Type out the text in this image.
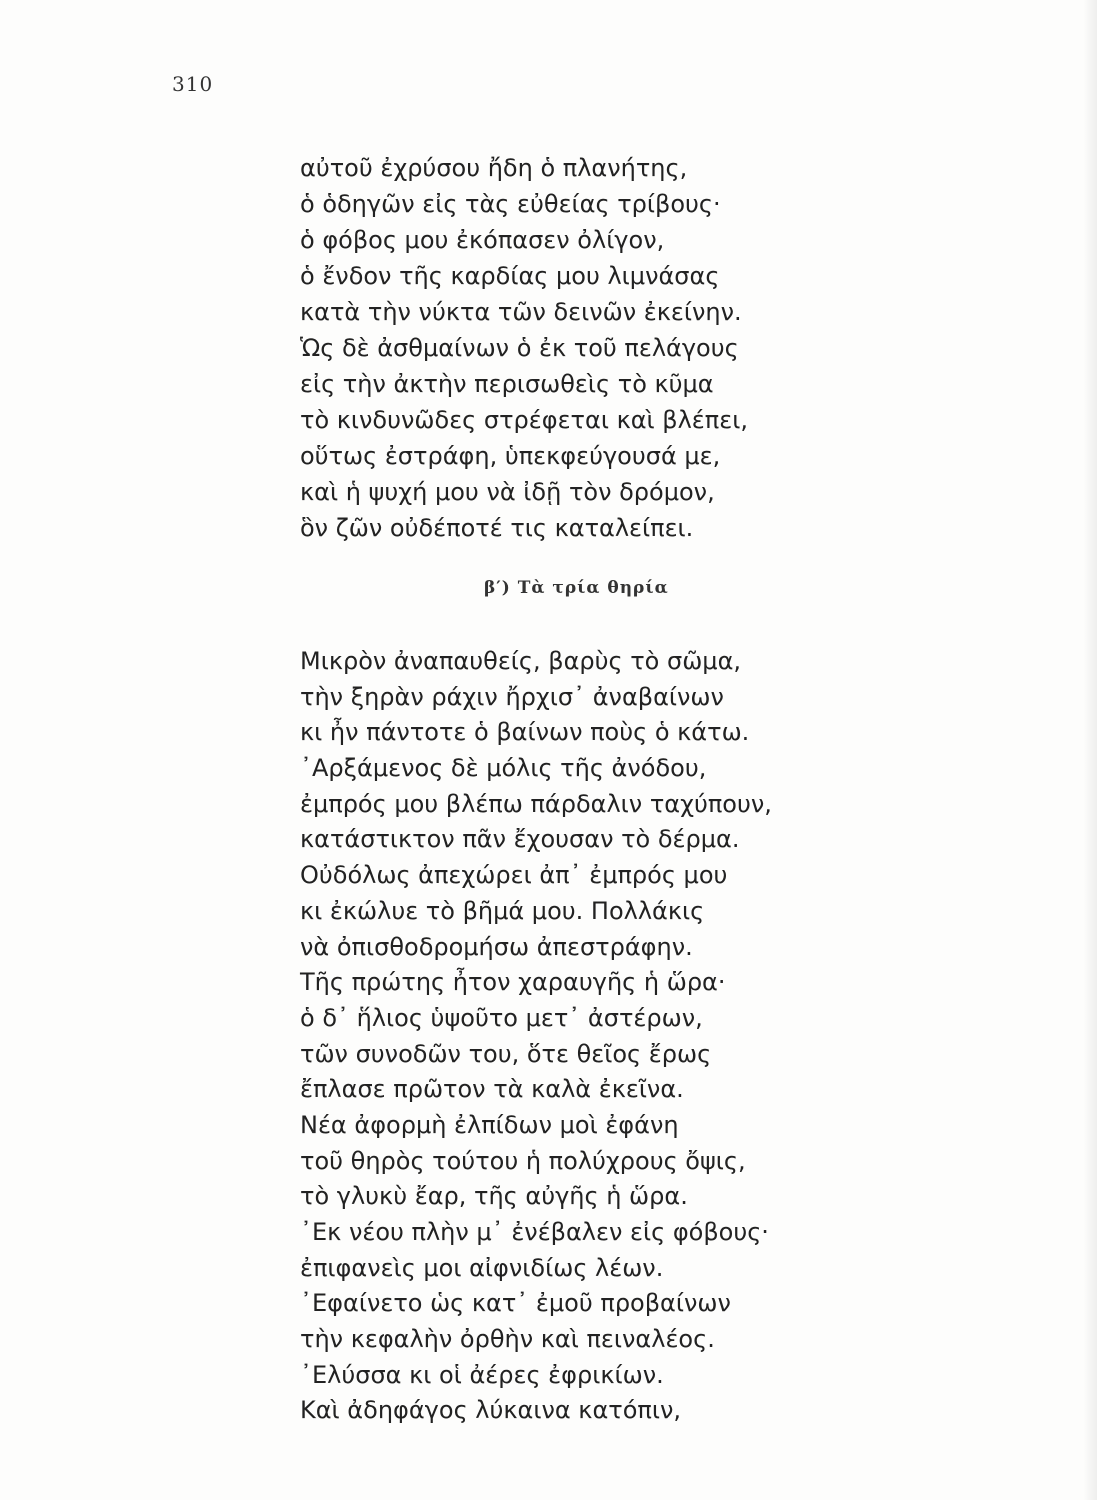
310
αὐτοῦ ἐχρύσου ἤδη ὁ πλανήτης,
ὁ ὁδηγῶν εἰς τὰς εὐθείας τρίβους·
ὁ φόβος μου ἐκόπασεν ὀλίγον,
ὁ ἔνδον τῆς καρδίας μου λιμνάσας
κατὰ τὴν νύκτα τῶν δεινῶν ἐκείνην.
Ὡς δὲ ἀσθμαίνων ὁ ἐκ τοῦ πελάγους
εἰς τὴν ἀκτὴν περισωθεὶς τὸ κῦμα
τὸ κινδυνῶδες στρέφεται καὶ βλέπει,
οὕτως ἐστράφη, ὑπεκφεύγουσά με,
καὶ ἡ ψυχή μου νὰ ἰδῇ τὸν δρόμον,
ὃν ζῶν οὐδέποτέ τις καταλείπει.
β′) Τὰ τρία θηρία
Μικρὸν ἀναπαυθείς, βαρὺς τὸ σῶμα,
τὴν ξηρὰν ράχιν ἤρχισ᾽ ἀναβαίνων
κι ἦν πάντοτε ὁ βαίνων ποὺς ὁ κάτω.
᾽Αρξάμενος δὲ μόλις τῆς ἀνόδου,
ἐμπρός μου βλέπω πάρδαλιν ταχύπουν,
κατάστικτον πᾶν ἔχουσαν τὸ δέρμα.
Οὐδόλως ἀπεχώρει ἀπ᾽ ἐμπρός μου
κι ἐκώλυε τὸ βῆμά μου. Πολλάκις
νὰ ὀπισθοδρομήσω ἀπεστράφην.
Τῆς πρώτης ἦτον χαραυγῆς ἡ ὥρα·
ὁ δ᾽ ἥλιος ὑψοῦτο μετ᾽ ἀστέρων,
τῶν συνοδῶν του, ὅτε θεῖος ἔρως
ἔπλασε πρῶτον τὰ καλὰ ἐκεῖνα.
Νέα ἀφορμὴ ἐλπίδων μοὶ ἐφάνη
τοῦ θηρὸς τούτου ἡ πολύχρους ὄψις,
τὸ γλυκὺ ἔαρ, τῆς αὐγῆς ἡ ὥρα.
᾽Εκ νέου πλὴν μ᾽ ἐνέβαλεν εἰς φόβους·
ἐπιφανεὶς μοι αἰφνιδίως λέων.
᾽Εφαίνετο ὡς κατ᾽ ἐμοῦ προβαίνων
τὴν κεφαλὴν ὀρθὴν καὶ πειναλέος.
᾽Ελύσσα κι οἱ ἀέρες ἐφρικίων.
Καὶ ἀδηφάγος λύκαινα κατόπιν,
